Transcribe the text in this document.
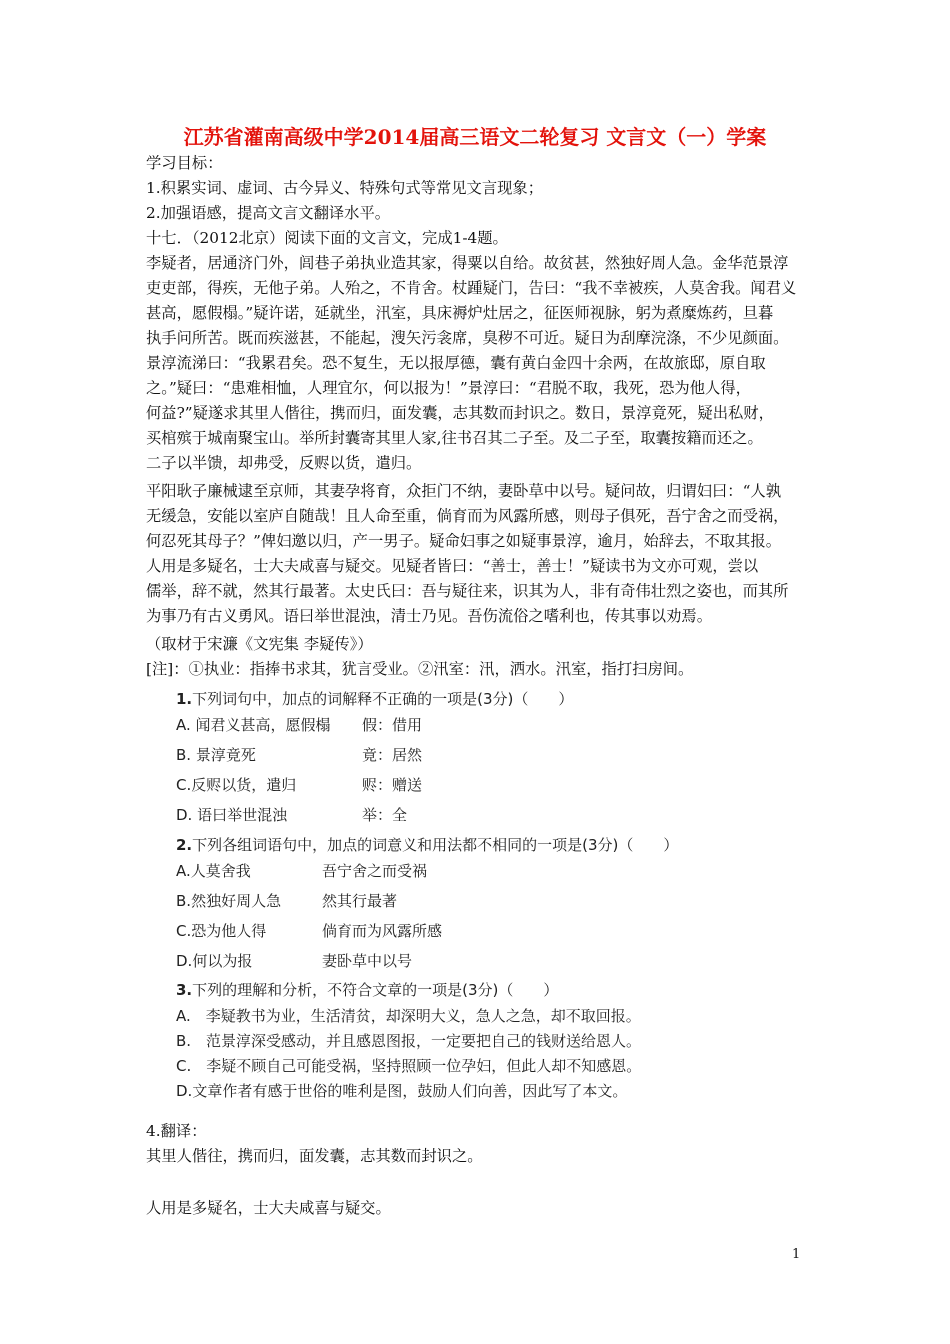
江苏省灌南高级中学2014届高三语文二轮复习 文言文（一）学案
学习目标：
1.积累实词、虚词、古今异义、特殊句式等常见文言现象；
2.加强语感，提高文言文翻译水平。
十七．（2012北京）阅读下面的文言文，完成1-4题。
李疑者，居通济门外，闾巷子弟执业造其家，得粟以自给。故贫甚，然独好周人急。金华范景淳
吏吏部，得疾，无他子弟。人殆之，不肯舍。杖踵疑门，告曰：“我不幸被疾，人莫舍我。闻君义
甚高，愿假榻。”疑许诺，延就坐，汛室，具床褥炉灶居之，征医师视脉，躬为煮糜炼药，旦暮
执手问所苦。既而疾滋甚，不能起，溲矢污衾席，臭秽不可近。疑日为刮摩浣涤，不少见颜面。
景淳流涕曰：“我累君矣。恐不复生，无以报厚德，囊有黄白金四十余两，在故旅邸，原自取
之。”疑曰：“患难相恤，人理宜尔，何以报为！”景淳曰：“君脱不取，我死，恐为他人得，
何益?”疑遂求其里人偕往，携而归，面发囊，志其数而封识之。数日，景淳竟死，疑出私财，
买棺殡于城南聚宝山。举所封囊寄其里人家,往书召其二子至。及二子至，取囊按籍而还之。
二子以半馈，却弗受，反赆以货，遣归。
平阳耿子廉械逮至京师，其妻孕将育，众拒门不纳，妻卧草中以号。疑问故，归谓妇曰：“人孰
无缓急，安能以室庐自随哉！且人命至重，倘育而为风露所感，则母子俱死，吾宁舍之而受祸，
何忍死其母子？”俾妇邀以归，产一男子。疑命妇事之如疑事景淳，逾月，始辞去，不取其报。
人用是多疑名，士大夫咸喜与疑交。见疑者皆曰：“善士，善士！”疑读书为文亦可观，尝以
儒举，辞不就，然其行最著。太史氏曰：吾与疑往来，识其为人，非有奇伟壮烈之姿也，而其所
为事乃有古义勇风。语曰举世混浊，清士乃见。吾伤流俗之嗜利也，传其事以劝焉。
（取材于宋濂《文宪集 李疑传》）
[注]：①执业：指捧书求其，犹言受业。②汛室：汛，洒水。汛室，指打扫房间。
1.下列词句中，加点的词解释不正确的一项是(3分)（　　）
A. 闻君义甚高，愿假榻 假：借用
B. 景淳竟死	竟：居然
C.反赆以货，遣归	赆：赠送
D. 语曰举世混浊	举：全
2.下列各组词语句中，加点的词意义和用法都不相同的一项是(3分)（　　）
A.人莫舍我	吾宁舍之而受祸
B.然独好周人急	然其行最著
C.恐为他人得	倘育而为风露所感
D.何以为报	妻卧草中以号
3.下列的理解和分析，不符合文章的一项是(3分)（　　）
A.　李疑教书为业，生活清贫，却深明大义，急人之急，却不取回报。
B.　范景淳深受感动，并且感恩图报，一定要把自己的钱财送给恩人。
C.　李疑不顾自己可能受祸，坚持照顾一位孕妇，但此人却不知感恩。
D.文章作者有感于世俗的唯利是图，鼓励人们向善，因此写了本文。
4.翻译：
其里人偕往，携而归，面发囊，志其数而封识之。
人用是多疑名，士大夫咸喜与疑交。
1
